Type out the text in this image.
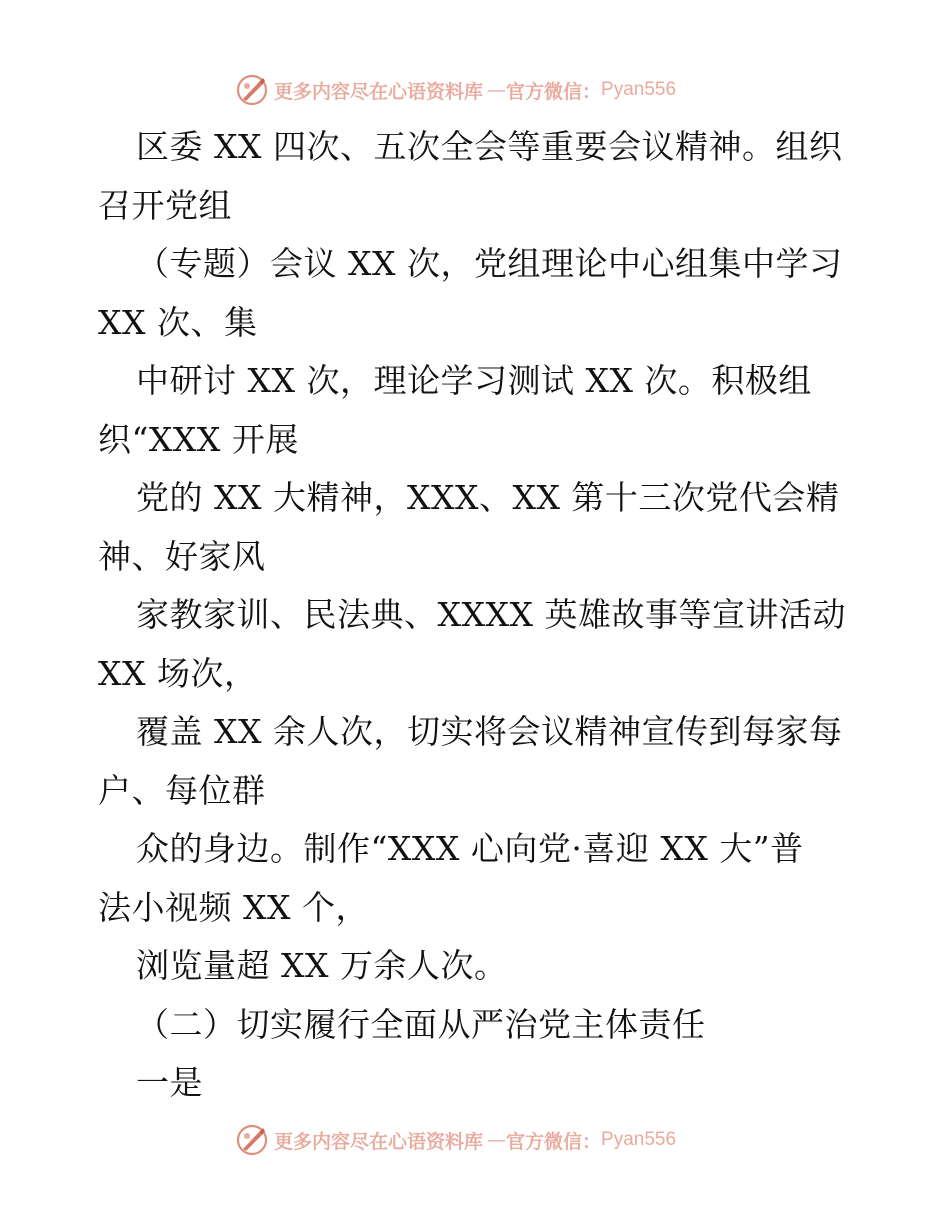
更多内容尽在心语资料库 — 官方微信： Pyan556
区委 XX 四次、五次全会等重要会议精神。组织
召开党组
（专题）会议 XX 次，党组理论中心组集中学习
XX 次、集
中研讨 XX 次，理论学习测试 XX 次。积极组
织“XXX 开展
党的 XX 大精神，XXX、XX 第十三次党代会精
神、好家风
家教家训、民法典、XXXX 英雄故事等宣讲活动
XX 场次，
覆盖 XX 余人次，切实将会议精神宣传到每家每
户、每位群
众的身边。制作“XXX 心向党·喜迎 XX 大”普
法小视频 XX 个，
浏览量超 XX 万余人次。
（二）切实履行全面从严治党主体责任
一是
更多内容尽在心语资料库 — 官方微信： Pyan556
